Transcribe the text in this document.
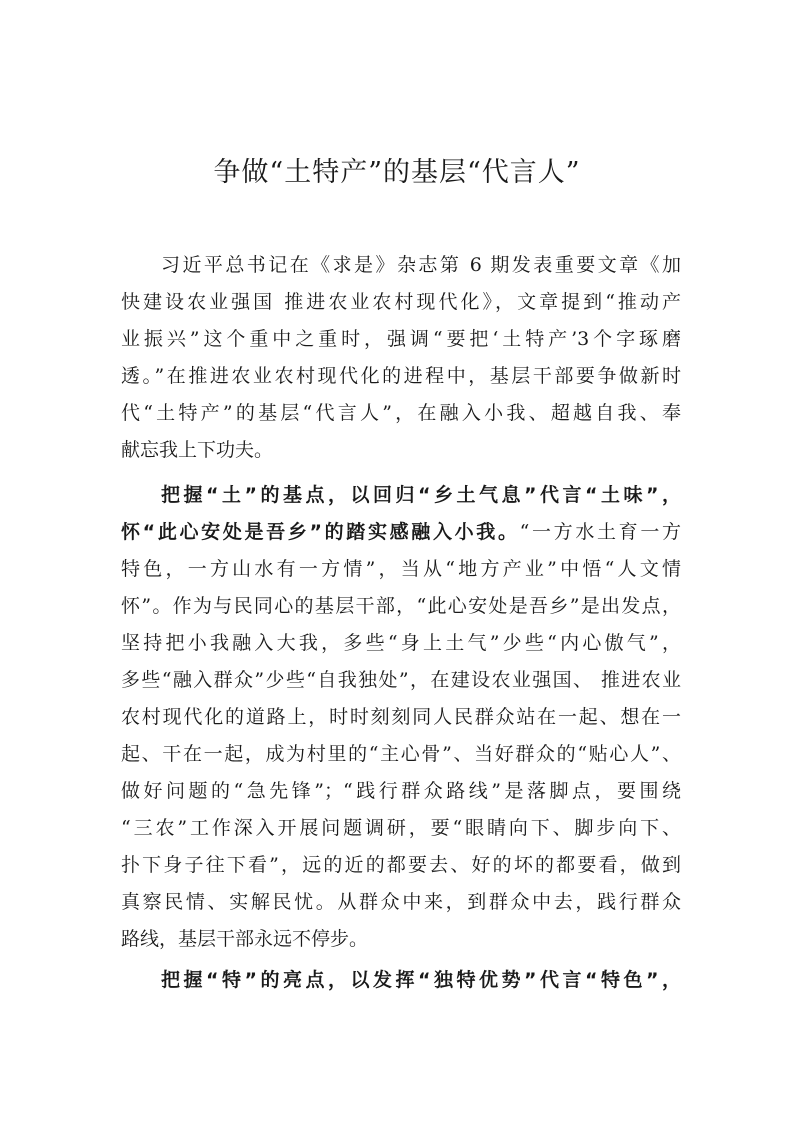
争做“土特产”的基层“代言人”
习近平总书记在《求是》杂志第 6 期发表重要文章《加
快建设农业强国 推进农业农村现代化》，文章提到“推动产
业振兴”这个重中之重时，强调“要把‘土特产’3个字琢磨
透。”在推进农业农村现代化的进程中，基层干部要争做新时
代“土特产”的基层“代言人”，在融入小我、超越自我、奉
献忘我上下功夫。
把握“土”的基点，以回归“乡土气息”代言“土味”，
怀“此心安处是吾乡”的踏实感融入小我。“一方水土育一方
特色，一方山水有一方情”，当从“地方产业”中悟“人文情
怀”。作为与民同心的基层干部，“此心安处是吾乡”是出发点，
坚持把小我融入大我，多些“身上土气”少些“内心傲气”，
多些“融入群众”少些“自我独处”，在建设农业强国、 推进农业
农村现代化的道路上，时时刻刻同人民群众站在一起、想在一
起、干在一起，成为村里的“主心骨”、当好群众的“贴心人”、
做好问题的“急先锋”；“践行群众路线”是落脚点，要围绕
“三农”工作深入开展问题调研，要“眼睛向下、脚步向下、
扑下身子往下看”，远的近的都要去、好的坏的都要看，做到
真察民情、实解民忧。从群众中来，到群众中去，践行群众
路线，基层干部永远不停步。
把握“特”的亮点，以发挥“独特优势”代言“特色”，
